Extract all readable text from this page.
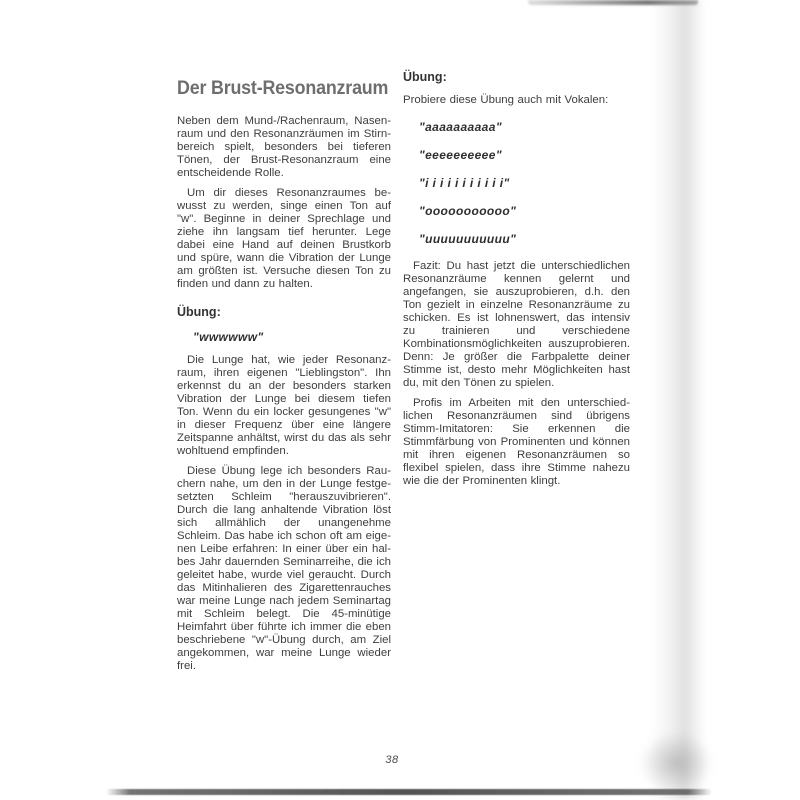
Der Brust-Resonanzraum

Neben dem Mund-/Rachenraum, Nasenraum und den Resonanzräumen im Stirnbereich spielt, besonders bei tieferen Tönen, der Brust-Resonanzraum eine entscheidende Rolle.

Um dir dieses Resonanzraumes bewusst zu werden, singe einen Ton auf "w". Beginne in deiner Sprechlage und ziehe ihn langsam tief herunter. Lege dabei eine Hand auf deinen Brustkorb und spüre, wann die Vibration der Lunge am größten ist. Versuche diesen Ton zu finden und dann zu halten.

Übung:
"wwwwww"

Die Lunge hat, wie jeder Resonanzraum, ihren eigenen "Lieblingston". Ihn erkennst du an der besonders starken Vibration der Lunge bei diesem tiefen Ton. Wenn du ein locker gesungenes "w" in dieser Frequenz über eine längere Zeitspanne anhältst, wirst du das als sehr wohltuend empfinden.

Diese Übung lege ich besonders Rauchern nahe, um den in der Lunge festgesetzten Schleim "herauszuvibrieren". Durch die lang anhaltende Vibration löst sich allmählich der unangenehme Schleim. Das habe ich schon oft am eigenen Leibe erfahren: In einer über ein halbes Jahr dauernden Seminarreihe, die ich geleitet habe, wurde viel geraucht. Durch das Mitinhalieren des Zigarettenrauches war meine Lunge nach jedem Seminartag mit Schleim belegt. Die 45-minütige Heimfahrt über führte ich immer die eben beschriebene "w"-Übung durch, am Ziel angekommen, war meine Lunge wieder frei.

Übung:

Probiere diese Übung auch mit Vokalen:

"aaaaaaaaaa"
"eeeeeeeeee"
"i i i i i i i i i i i"
"ooooooooooo"
"uuuuuuuuuuu"

Fazit: Du hast jetzt die unterschiedlichen Resonanzräume kennen gelernt und angefangen, sie auszuprobieren, d.h. den Ton gezielt in einzelne Resonanzräume zu schicken. Es ist lohnenswert, das intensiv zu trainieren und verschiedene Kombinationsmöglichkeiten auszuprobieren. Denn: Je größer die Farbpalette deiner Stimme ist, desto mehr Möglichkeiten hast du, mit den Tönen zu spielen.

Profis im Arbeiten mit den unterschiedlichen Resonanzräumen sind übrigens Stimm-Imitatoren: Sie erkennen die Stimmfärbung von Prominenten und können mit ihren eigenen Resonanzräumen so flexibel spielen, dass ihre Stimme nahezu wie die der Prominenten klingt.

38
